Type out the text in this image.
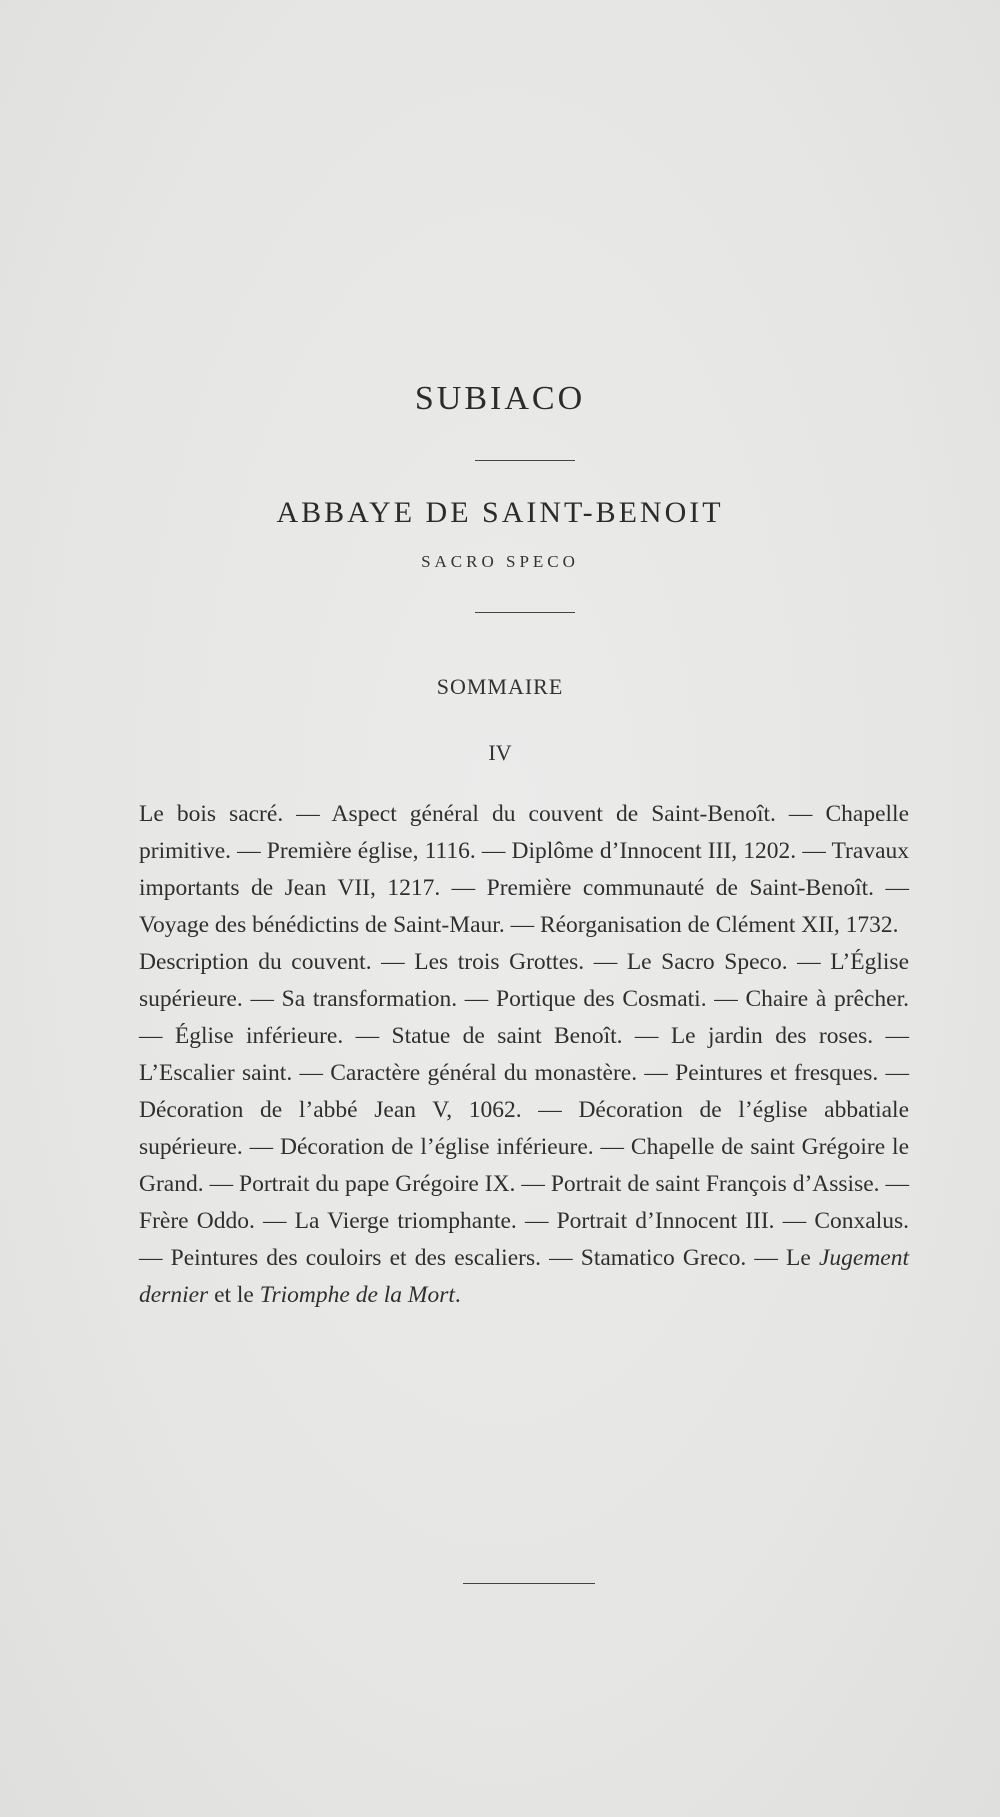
SUBIACO
ABBAYE DE SAINT-BENOIT
SACRO SPECO
SOMMAIRE
IV

Le bois sacré. — Aspect général du couvent de Saint-Benoît. — Chapelle primitive. — Première église, 1116. — Diplôme d’Innocent III, 1202. — Travaux importants de Jean VII, 1217. — Première communauté de Saint-Benoît. — Voyage des bénédictins de Saint-Maur. — Réorganisation de Clément XII, 1732.

Description du couvent. — Les trois Grottes. — Le Sacro Speco. — L’Église supérieure. — Sa transformation. — Portique des Cosmati. — Chaire à prêcher. — Église inférieure. — Statue de saint Benoît. — Le jardin des roses. — L’Escalier saint. — Caractère général du monastère. — Peintures et fresques. — Décoration de l’abbé Jean V, 1062. — Décoration de l’église abbatiale supérieure. — Décoration de l’église inférieure. — Chapelle de saint Grégoire le Grand. — Portrait du pape Grégoire IX. — Portrait de saint François d’Assise. — Frère Oddo. — La Vierge triomphante. — Portrait d’Innocent III. — Conxalus. — Peintures des couloirs et des escaliers. — Stamatico Greco. — Le Jugement dernier et le Triomphe de la Mort.
